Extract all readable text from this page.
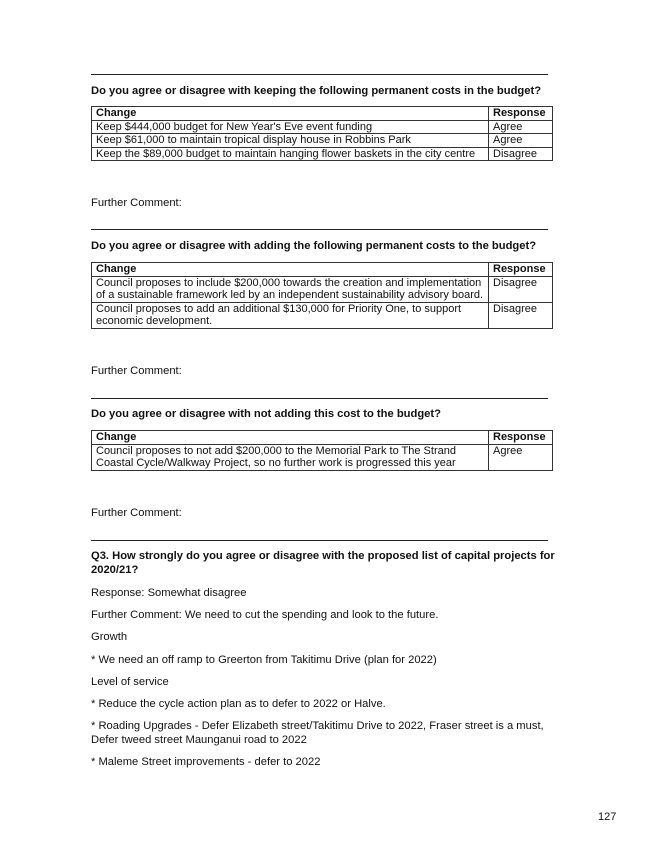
Do you agree or disagree with keeping the following permanent costs in the budget?
Change	Response
Keep $444,000 budget for New Year's Eve event funding	Agree
Keep $61,000 to maintain tropical display house in Robbins Park	Agree
Keep the $89,000 budget to maintain hanging flower baskets in the city centre	Disagree
Further Comment:
Do you agree or disagree with adding the following permanent costs to the budget?
Change	Response
Council proposes to include $200,000 towards the creation and implementation of a sustainable framework led by an independent sustainability advisory board.	Disagree
Council proposes to add an additional $130,000 for Priority One, to support economic development.	Disagree
Further Comment:
Do you agree or disagree with not adding this cost to the budget?
Change	Response
Council proposes to not add $200,000 to the Memorial Park to The Strand Coastal Cycle/Walkway Project, so no further work is progressed this year	Agree
Further Comment:
Q3. How strongly do you agree or disagree with the proposed list of capital projects for 2020/21?
Response: Somewhat disagree
Further Comment: We need to cut the spending and look to the future.
Growth
* We need an off ramp to Greerton from Takitimu Drive (plan for 2022)
Level of service
* Reduce the cycle action plan as to defer to 2022 or Halve.
* Roading Upgrades - Defer Elizabeth street/Takitimu Drive to 2022, Fraser street is a must, Defer tweed street Maunganui road to 2022
* Maleme Street improvements - defer to 2022
127
